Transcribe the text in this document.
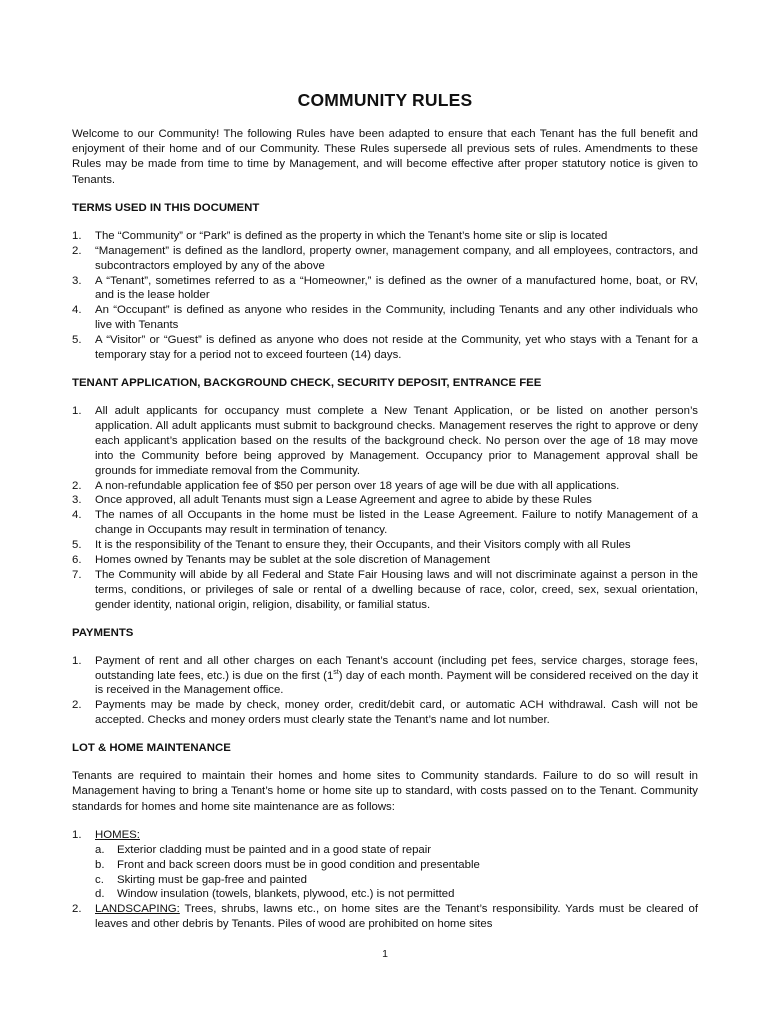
COMMUNITY RULES

Welcome to our Community! The following Rules have been adapted to ensure that each Tenant has the full benefit and enjoyment of their home and of our Community. These Rules supersede all previous sets of rules. Amendments to these Rules may be made from time to time by Management, and will become effective after proper statutory notice is given to Tenants.

TERMS USED IN THIS DOCUMENT
1. The “Community” or “Park” is defined as the property in which the Tenant’s home site or slip is located
2. “Management” is defined as the landlord, property owner, management company, and all employees, contractors, and subcontractors employed by any of the above
3. A “Tenant”, sometimes referred to as a “Homeowner,” is defined as the owner of a manufactured home, boat, or RV, and is the lease holder
4. An “Occupant” is defined as anyone who resides in the Community, including Tenants and any other individuals who live with Tenants
5. A “Visitor” or “Guest” is defined as anyone who does not reside at the Community, yet who stays with a Tenant for a temporary stay for a period not to exceed fourteen (14) days.
TENANT APPLICATION, BACKGROUND CHECK, SECURITY DEPOSIT, ENTRANCE FEE
1. All adult applicants for occupancy must complete a New Tenant Application, or be listed on another person’s application. All adult applicants must submit to background checks. Management reserves the right to approve or deny each applicant’s application based on the results of the background check. No person over the age of 18 may move into the Community before being approved by Management. Occupancy prior to Management approval shall be grounds for immediate removal from the Community.
2. A non-refundable application fee of $50 per person over 18 years of age will be due with all applications.
3. Once approved, all adult Tenants must sign a Lease Agreement and agree to abide by these Rules
4. The names of all Occupants in the home must be listed in the Lease Agreement. Failure to notify Management of a change in Occupants may result in termination of tenancy.
5. It is the responsibility of the Tenant to ensure they, their Occupants, and their Visitors comply with all Rules
6. Homes owned by Tenants may be sublet at the sole discretion of Management
7. The Community will abide by all Federal and State Fair Housing laws and will not discriminate against a person in the terms, conditions, or privileges of sale or rental of a dwelling because of race, color, creed, sex, sexual orientation, gender identity, national origin, religion, disability, or familial status.
PAYMENTS
1. Payment of rent and all other charges on each Tenant’s account (including pet fees, service charges, storage fees, outstanding late fees, etc.) is due on the first (1st) day of each month. Payment will be considered received on the day it is received in the Management office.
2. Payments may be made by check, money order, credit/debit card, or automatic ACH withdrawal. Cash will not be accepted. Checks and money orders must clearly state the Tenant’s name and lot number.
LOT & HOME MAINTENANCE

Tenants are required to maintain their homes and home sites to Community standards. Failure to do so will result in Management having to bring a Tenant’s home or home site up to standard, with costs passed on to the Tenant. Community standards for homes and home site maintenance are as follows:

1. HOMES:
a. Exterior cladding must be painted and in a good state of repair
b. Front and back screen doors must be in good condition and presentable
c. Skirting must be gap-free and painted
d. Window insulation (towels, blankets, plywood, etc.) is not permitted
2. LANDSCAPING: Trees, shrubs, lawns etc., on home sites are the Tenant’s responsibility. Yards must be cleared of leaves and other debris by Tenants. Piles of wood are prohibited on home sites
1
